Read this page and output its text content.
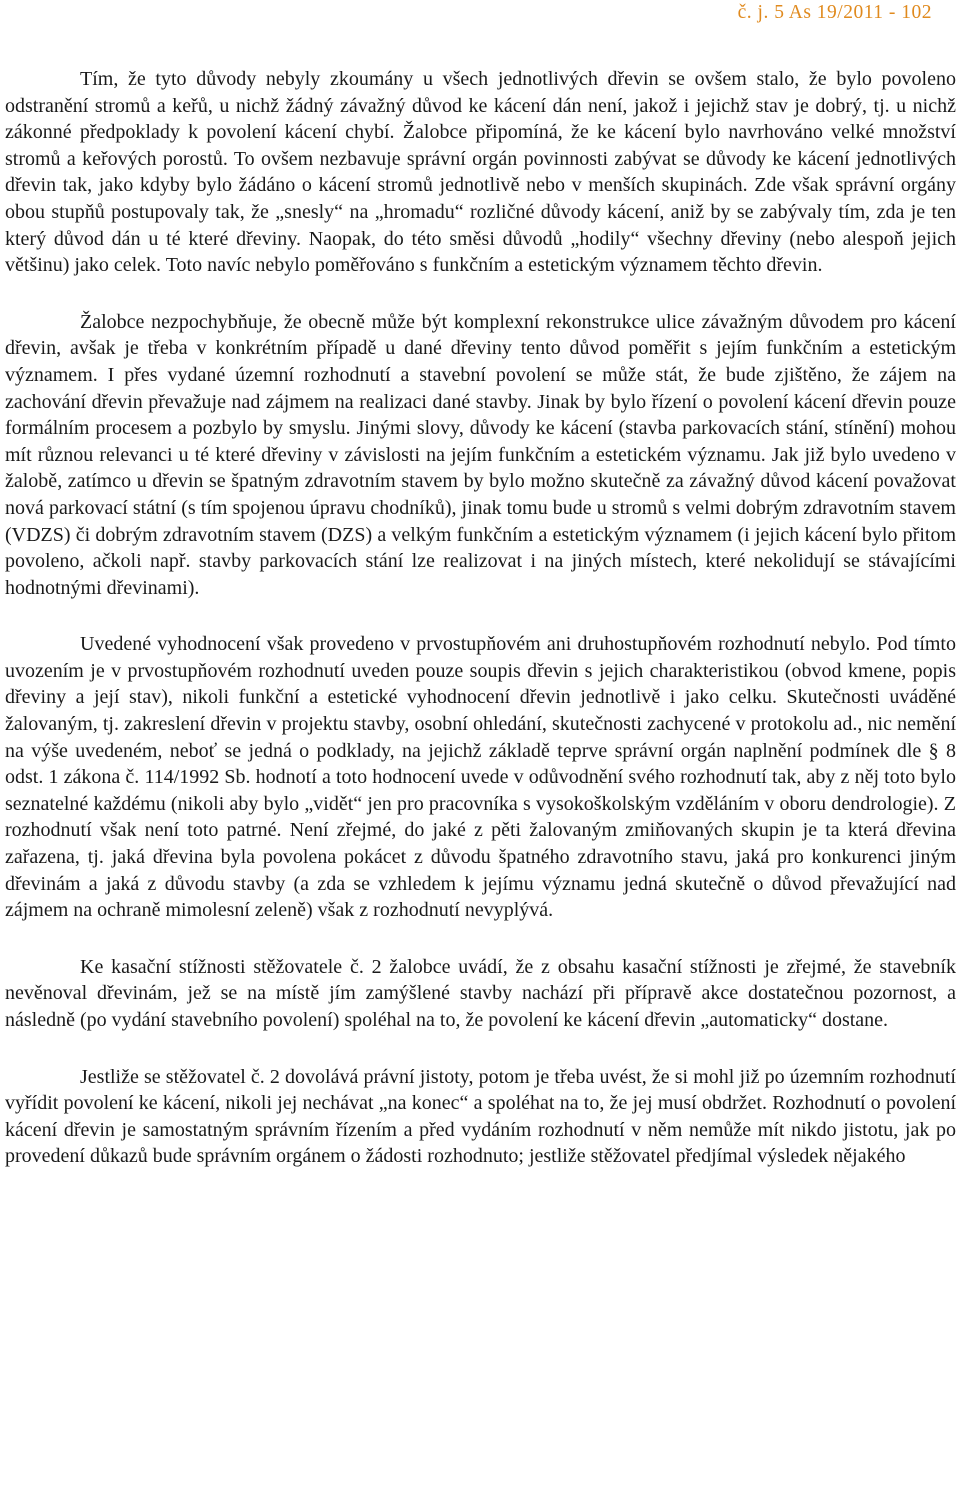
č. j. 5 As 19/2011 - 102

Tím, že tyto důvody nebyly zkoumány u všech jednotlivých dřevin se ovšem stalo, že bylo povoleno odstranění stromů a keřů, u nichž žádný závažný důvod ke kácení dán není, jakož i jejichž stav je dobrý, tj. u nichž zákonné předpoklady k povolení kácení chybí. Žalobce připomíná, že ke kácení bylo navrhováno velké množství stromů a keřových porostů. To ovšem nezbavuje správní orgán povinnosti zabývat se důvody ke kácení jednotlivých dřevin tak, jako kdyby bylo žádáno o kácení stromů jednotlivě nebo v menších skupinách. Zde však správní orgány obou stupňů postupovaly tak, že „snesly“ na „hromadu“ rozličné důvody kácení, aniž by se zabývaly tím, zda je ten který důvod dán u té které dřeviny. Naopak, do této směsi důvodů „hodily“ všechny dřeviny (nebo alespoň jejich většinu) jako celek. Toto navíc nebylo poměřováno s funkčním a estetickým významem těchto dřevin.

Žalobce nezpochybňuje, že obecně může být komplexní rekonstrukce ulice závažným důvodem pro kácení dřevin, avšak je třeba v konkrétním případě u dané dřeviny tento důvod poměřit s jejím funkčním a estetickým významem. I přes vydané územní rozhodnutí a stavební povolení se může stát, že bude zjištěno, že zájem na zachování dřevin převažuje nad zájmem na realizaci dané stavby. Jinak by bylo řízení o povolení kácení dřevin pouze formálním procesem a pozbylo by smyslu. Jinými slovy, důvody ke kácení (stavba parkovacích stání, stínění) mohou mít různou relevanci u té které dřeviny v závislosti na jejím funkčním a estetickém významu. Jak již bylo uvedeno v žalobě, zatímco u dřevin se špatným zdravotním stavem by bylo možno skutečně za závažný důvod kácení považovat nová parkovací státní (s tím spojenou úpravu chodníků), jinak tomu bude u stromů s velmi dobrým zdravotním stavem (VDZS) či dobrým zdravotním stavem (DZS) a velkým funkčním a estetickým významem (i jejich kácení bylo přitom povoleno, ačkoli např. stavby parkovacích stání lze realizovat i na jiných místech, které nekolidují se stávajícími hodnotnými dřevinami).

Uvedené vyhodnocení však provedeno v prvostupňovém ani druhostupňovém rozhodnutí nebylo. Pod tímto uvozením je v prvostupňovém rozhodnutí uveden pouze soupis dřevin s jejich charakteristikou (obvod kmene, popis dřeviny a její stav), nikoli funkční a estetické vyhodnocení dřevin jednotlivě i jako celku. Skutečnosti uváděné žalovaným, tj. zakreslení dřevin v projektu stavby, osobní ohledání, skutečnosti zachycené v protokolu ad., nic nemění na výše uvedeném, neboť se jedná o podklady, na jejichž základě teprve správní orgán naplnění podmínek dle § 8 odst. 1 zákona č. 114/1992 Sb. hodnotí a toto hodnocení uvede v odůvodnění svého rozhodnutí tak, aby z něj toto bylo seznatelné každému (nikoli aby bylo „vidět“ jen pro pracovníka s vysokoškolským vzděláním v oboru dendrologie). Z rozhodnutí však není toto patrné. Není zřejmé, do jaké z pěti žalovaným zmiňovaných skupin je ta která dřevina zařazena, tj. jaká dřevina byla povolena pokácet z důvodu špatného zdravotního stavu, jaká pro konkurenci jiným dřevinám a jaká z důvodu stavby (a zda se vzhledem k jejímu významu jedná skutečně o důvod převažující nad zájmem na ochraně mimolesní zeleně) však z rozhodnutí nevyplývá.

Ke kasační stížnosti stěžovatele č. 2 žalobce uvádí, že z obsahu kasační stížnosti je zřejmé, že stavebník nevěnoval dřevinám, jež se na místě jím zamýšlené stavby nachází při přípravě akce dostatečnou pozornost, a následně (po vydání stavebního povolení) spoléhal na to, že povolení ke kácení dřevin „automaticky“ dostane.

Jestliže se stěžovatel č. 2 dovolává právní jistoty, potom je třeba uvést, že si mohl již po územním rozhodnutí vyřídit povolení ke kácení, nikoli jej nechávat „na konec“ a spoléhat na to, že jej musí obdržet. Rozhodnutí o povolení kácení dřevin je samostatným správním řízením a před vydáním rozhodnutí v něm nemůže mít nikdo jistotu, jak po provedení důkazů bude správním orgánem o žádosti rozhodnuto; jestliže stěžovatel předjímal výsledek nějakého
